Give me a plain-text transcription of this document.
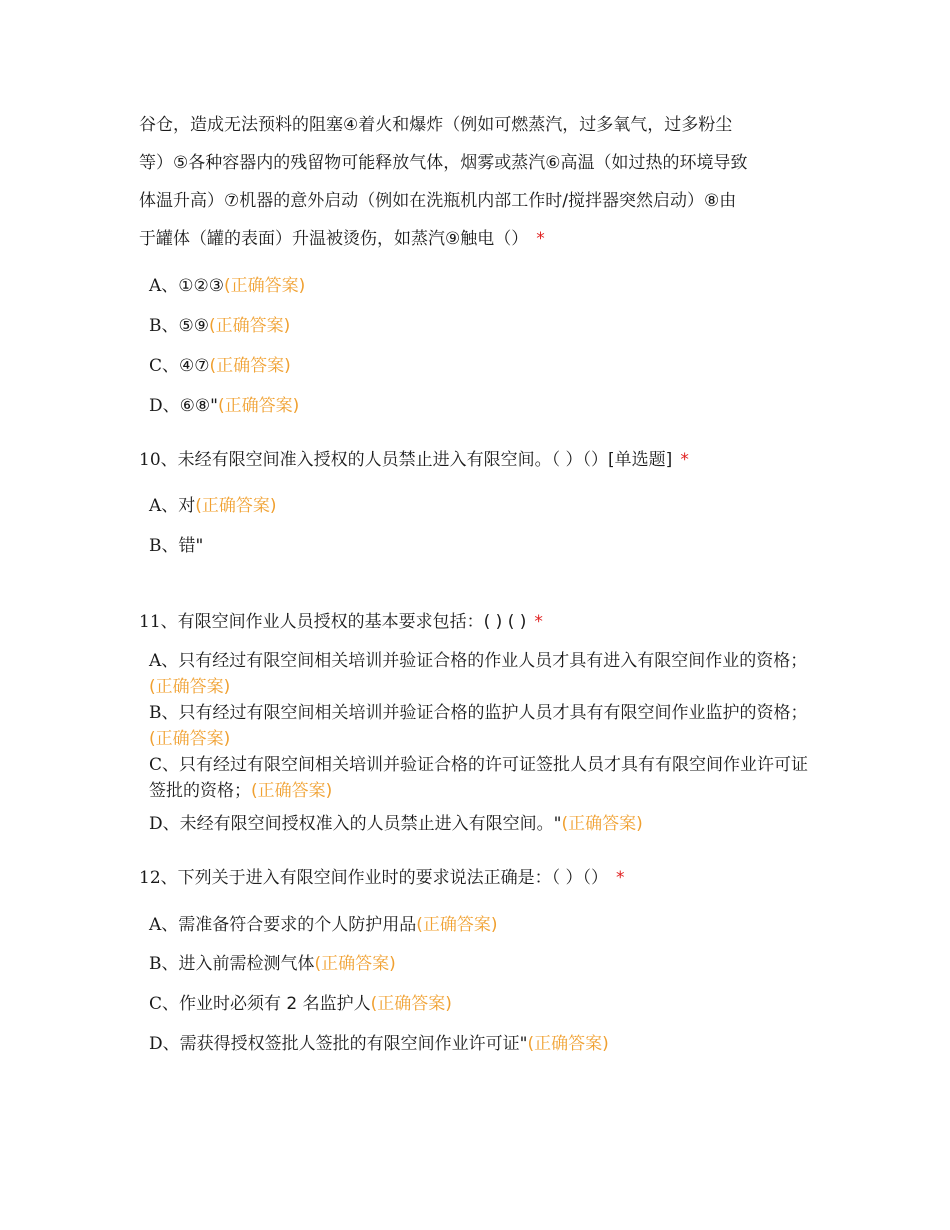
谷仓，造成无法预料的阻塞④着火和爆炸（例如可燃蒸汽，过多氧气，过多粉尘
等）⑤各种容器内的残留物可能释放气体，烟雾或蒸汽⑥高温（如过热的环境导致
体温升高）⑦机器的意外启动（例如在洗瓶机内部工作时/搅拌器突然启动）⑧由
于罐体（罐的表面）升温被烫伤，如蒸汽⑨触电（） *
A、①②③(正确答案)
B、⑤⑨(正确答案)
C、④⑦(正确答案)
D、⑥⑧"(正确答案)
10、未经有限空间准入授权的人员禁止进入有限空间。（ ）（）[单选题] *
A、对(正确答案)
B、错"
11、有限空间作业人员授权的基本要求包括：( ) ( ) *
A、只有经过有限空间相关培训并验证合格的作业人员才具有进入有限空间作业的资格；(正确答案)
B、只有经过有限空间相关培训并验证合格的监护人员才具有有限空间作业监护的资格；(正确答案)
C、只有经过有限空间相关培训并验证合格的许可证签批人员才具有有限空间作业许可证签批的资格；(正确答案)
D、未经有限空间授权准入的人员禁止进入有限空间。"(正确答案)
12、下列关于进入有限空间作业时的要求说法正确是：（ ）（） *
A、需准备符合要求的个人防护用品(正确答案)
B、进入前需检测气体(正确答案)
C、作业时必须有 2 名监护人(正确答案)
D、需获得授权签批人签批的有限空间作业许可证"(正确答案)
